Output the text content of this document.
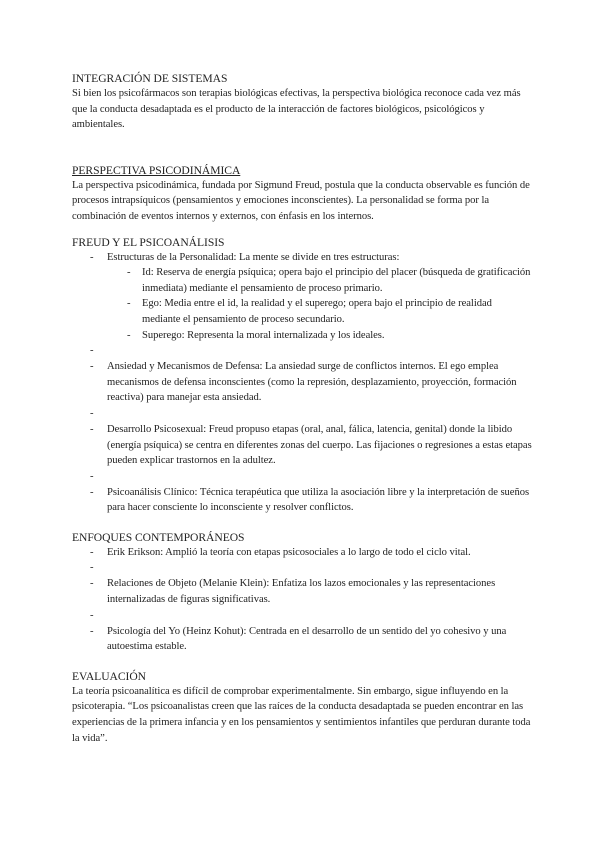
INTEGRACIÓN DE SISTEMAS

Si bien los psicofármacos son terapias biológicas efectivas, la perspectiva biológica reconoce cada vez más que la conducta desadaptada es el producto de la interacción de factores biológicos, psicológicos y ambientales.

PERSPECTIVA PSICODINÁMICA

La perspectiva psicodinámica, fundada por Sigmund Freud, postula que la conducta observable es función de procesos intrapsíquicos (pensamientos y emociones inconscientes). La personalidad se forma por la combinación de eventos internos y externos, con énfasis en los internos.

FREUD Y EL PSICOANÁLISIS
- Estructuras de la Personalidad: La mente se divide en tres estructuras:
- Id: Reserva de energía psíquica; opera bajo el principio del placer (búsqueda de gratificación inmediata) mediante el pensamiento de proceso primario.
- Ego: Media entre el id, la realidad y el superego; opera bajo el principio de realidad mediante el pensamiento de proceso secundario.
- Superego: Representa la moral internalizada y los ideales.
-
- Ansiedad y Mecanismos de Defensa: La ansiedad surge de conflictos internos. El ego emplea mecanismos de defensa inconscientes (como la represión, desplazamiento, proyección, formación reactiva) para manejar esta ansiedad.
-
- Desarrollo Psicosexual: Freud propuso etapas (oral, anal, fálica, latencia, genital) donde la libido (energía psíquica) se centra en diferentes zonas del cuerpo. Las fijaciones o regresiones a estas etapas pueden explicar trastornos en la adultez.
-
- Psicoanálisis Clínico: Técnica terapéutica que utiliza la asociación libre y la interpretación de sueños para hacer consciente lo inconsciente y resolver conflictos.
ENFOQUES CONTEMPORÁNEOS
- Erik Erikson: Amplió la teoría con etapas psicosociales a lo largo de todo el ciclo vital.
-
- Relaciones de Objeto (Melanie Klein): Enfatiza los lazos emocionales y las representaciones internalizadas de figuras significativas.
-
- Psicología del Yo (Heinz Kohut): Centrada en el desarrollo de un sentido del yo cohesivo y una autoestima estable.
EVALUACIÓN

La teoría psicoanalítica es difícil de comprobar experimentalmente. Sin embargo, sigue influyendo en la psicoterapia. “Los psicoanalistas creen que las raíces de la conducta desadaptada se pueden encontrar en las experiencias de la primera infancia y en los pensamientos y sentimientos infantiles que perduran durante toda la vida”.
